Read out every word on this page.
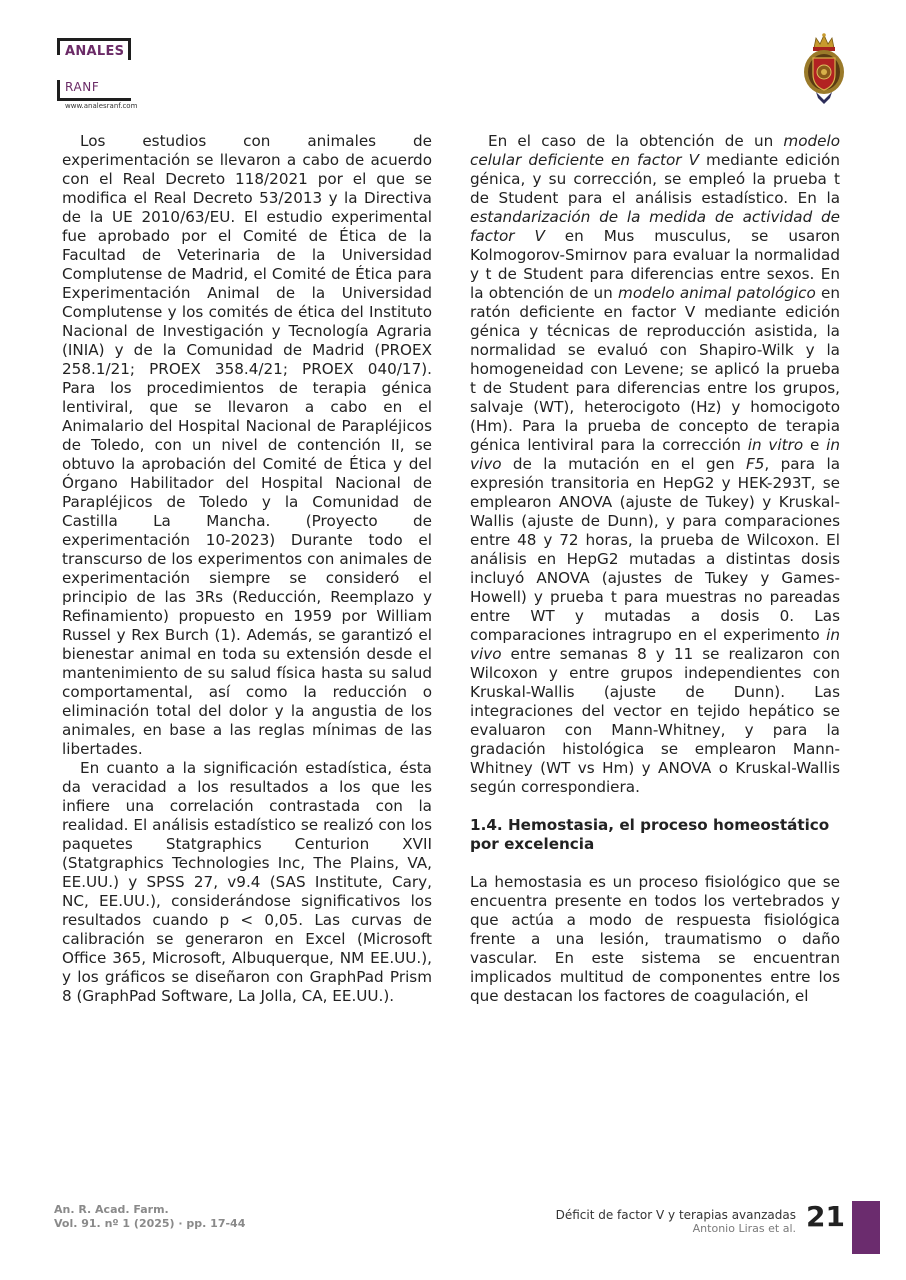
ANALES
RANF
www.analesranf.com

Los estudios con animales de experimentación se llevaron a cabo de acuerdo con el Real Decreto 118/2021 por el que se modifica el Real Decreto 53/2013 y la Directiva de la UE 2010/63/EU. El estudio experimental fue aprobado por el Comité de Ética de la Facultad de Veterinaria de la Universidad Complutense de Madrid, el Comité de Ética para Experimentación Animal de la Universidad Complutense y los comités de ética del Instituto Nacional de Investigación y Tecnología Agraria (INIA) y de la Comunidad de Madrid (PROEX 258.1/21; PROEX 358.4/21; PROEX 040/17). Para los procedimientos de terapia génica lentiviral, que se llevaron a cabo en el Animalario del Hospital Nacional de Parapléjicos de Toledo, con un nivel de contención II, se obtuvo la aprobación del Comité de Ética y del Órgano Habilitador del Hospital Nacional de Parapléjicos de Toledo y la Comunidad de Castilla La Mancha. (Proyecto de experimentación 10-2023) Durante todo el transcurso de los experimentos con animales de experimentación siempre se consideró el principio de las 3Rs (Reducción, Reemplazo y Refinamiento) propuesto en 1959 por William Russel y Rex Burch (1). Además, se garantizó el bienestar animal en toda su extensión desde el mantenimiento de su salud física hasta su salud comportamental, así como la reducción o eliminación total del dolor y la angustia de los animales, en base a las reglas mínimas de las libertades.

En cuanto a la significación estadística, ésta da veracidad a los resultados a los que les infiere una correlación contrastada con la realidad. El análisis estadístico se realizó con los paquetes Statgraphics Centurion XVII (Statgraphics Technologies Inc, The Plains, VA, EE.UU.) y SPSS 27, v9.4 (SAS Institute, Cary, NC, EE.UU.), considerándose significativos los resultados cuando p < 0,05. Las curvas de calibración se generaron en Excel (Microsoft Office 365, Microsoft, Albuquerque, NM EE.UU.), y los gráficos se diseñaron con GraphPad Prism 8 (GraphPad Software, La Jolla, CA, EE.UU.).

En el caso de la obtención de un modelo celular deficiente en factor V mediante edición génica, y su corrección, se empleó la prueba t de Student para el análisis estadístico. En la estandarización de la medida de actividad de factor V en Mus musculus, se usaron Kolmogorov-Smirnov para evaluar la normalidad y t de Student para diferencias entre sexos. En la obtención de un modelo animal patológico en ratón deficiente en factor V mediante edición génica y técnicas de reproducción asistida, la normalidad se evaluó con Shapiro-Wilk y la homogeneidad con Levene; se aplicó la prueba t de Student para diferencias entre los grupos, salvaje (WT), heterocigoto (Hz) y homocigoto (Hm). Para la prueba de concepto de terapia génica lentiviral para la corrección in vitro e in vivo de la mutación en el gen F5, para la expresión transitoria en HepG2 y HEK-293T, se emplearon ANOVA (ajuste de Tukey) y Kruskal-Wallis (ajuste de Dunn), y para comparaciones entre 48 y 72 horas, la prueba de Wilcoxon. El análisis en HepG2 mutadas a distintas dosis incluyó ANOVA (ajustes de Tukey y Games-Howell) y prueba t para muestras no pareadas entre WT y mutadas a dosis 0. Las comparaciones intragrupo en el experimento in vivo entre semanas 8 y 11 se realizaron con Wilcoxon y entre grupos independientes con Kruskal-Wallis (ajuste de Dunn). Las integraciones del vector en tejido hepático se evaluaron con Mann-Whitney, y para la gradación histológica se emplearon Mann-Whitney (WT vs Hm) y ANOVA o Kruskal-Wallis según correspondiera.

1.4. Hemostasia, el proceso homeostático por excelencia

La hemostasia es un proceso fisiológico que se encuentra presente en todos los vertebrados y que actúa a modo de respuesta fisiológica frente a una lesión, traumatismo o daño vascular. En este sistema se encuentran implicados multitud de componentes entre los que destacan los factores de coagulación, el

An. R. Acad. Farm.
Vol. 91. nº 1 (2025) · pp. 17-44
Déficit de factor V y terapias avanzadas
Antonio Liras et al. 21
